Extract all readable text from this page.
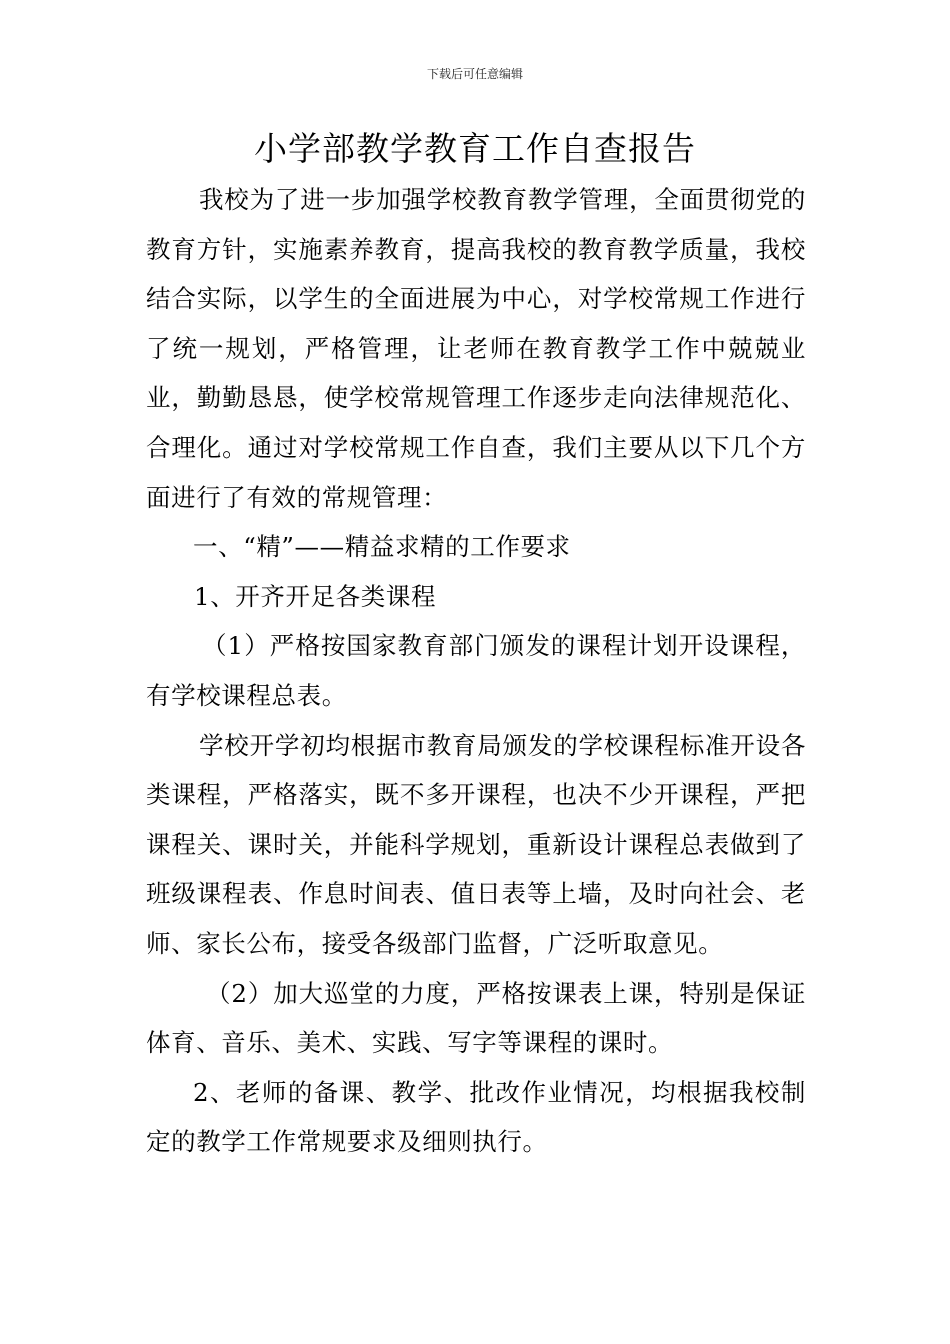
下载后可任意编辑
小学部教学教育工作自查报告

我校为了进一步加强学校教育教学管理，全面贯彻党的教育方针，实施素养教育，提高我校的教育教学质量，我校结合实际，以学生的全面进展为中心，对学校常规工作进行了统一规划，严格管理，让老师在教育教学工作中兢兢业业，勤勤恳恳，使学校常规管理工作逐步走向法律规范化、合理化。通过对学校常规工作自查，我们主要从以下几个方面进行了有效的常规管理：

一、“精”——精益求精的工作要求

1、开齐开足各类课程

（1）严格按国家教育部门颁发的课程计划开设课程，有学校课程总表。

学校开学初均根据市教育局颁发的学校课程标准开设各类课程，严格落实，既不多开课程，也决不少开课程，严把课程关、课时关，并能科学规划，重新设计课程总表做到了班级课程表、作息时间表、值日表等上墙，及时向社会、老师、家长公布，接受各级部门监督，广泛听取意见。

（2）加大巡堂的力度，严格按课表上课，特别是保证体育、音乐、美术、实践、写字等课程的课时。

2、老师的备课、教学、批改作业情况，均根据我校制定的教学工作常规要求及细则执行。
